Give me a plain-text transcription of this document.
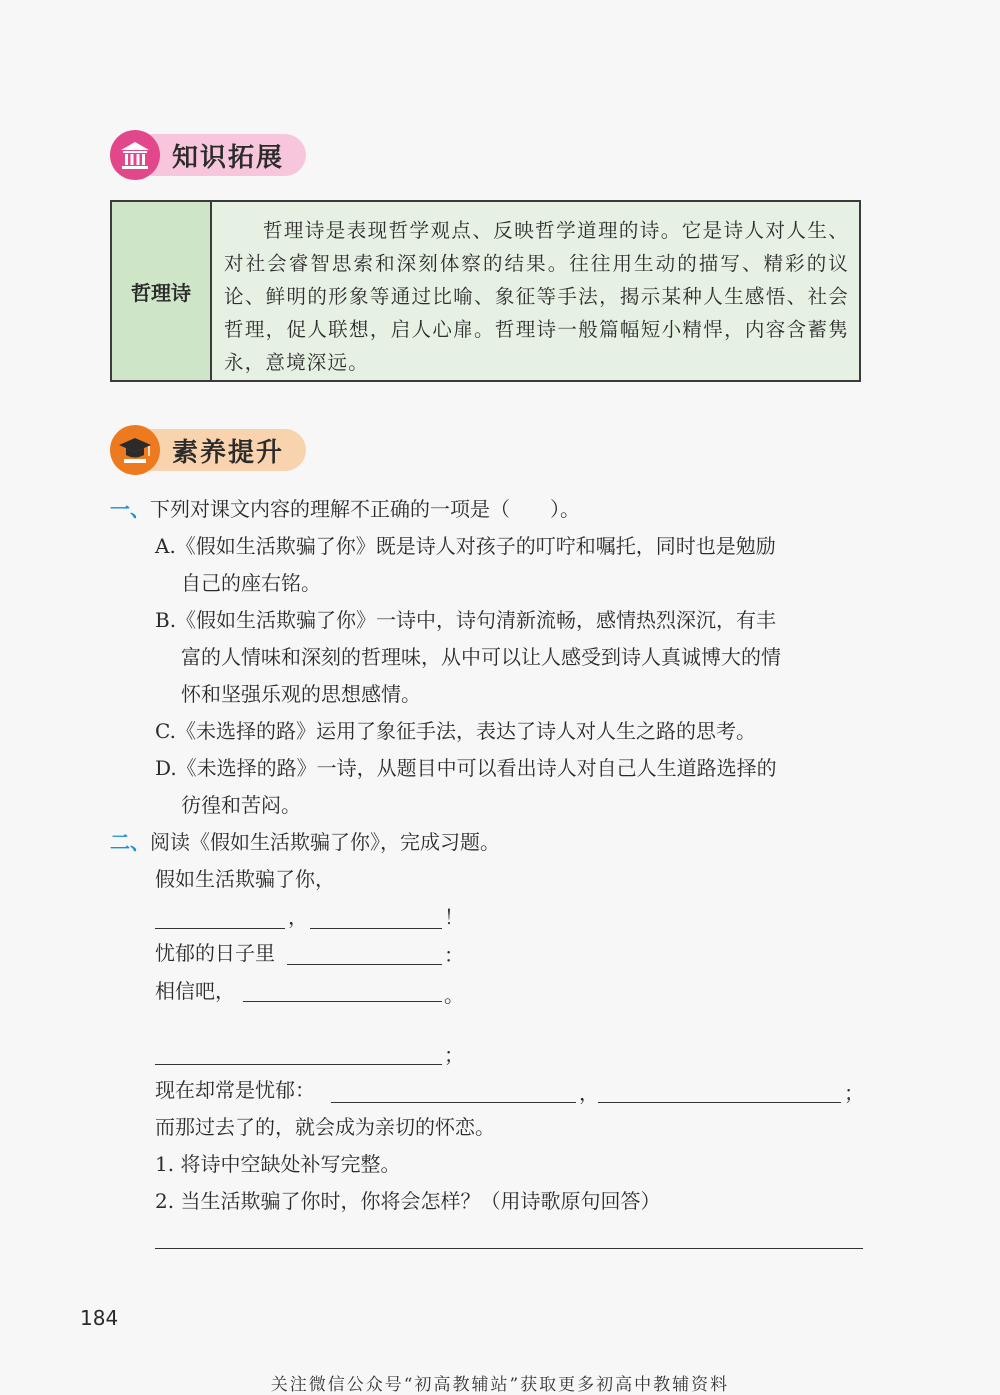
知识拓展
哲理诗
哲理诗是表现哲学观点、反映哲学道理的诗。它是诗人对人生、对社会睿智思索和深刻体察的结果。往往用生动的描写、精彩的议论、鲜明的形象等通过比喻、象征等手法，揭示某种人生感悟、社会哲理，促人联想，启人心扉。哲理诗一般篇幅短小精悍，内容含蓄隽永，意境深远。
素养提升
一、下列对课文内容的理解不正确的一项是（　　）。
A.《假如生活欺骗了你》既是诗人对孩子的叮咛和嘱托，同时也是勉励
自己的座右铭。
B.《假如生活欺骗了你》一诗中，诗句清新流畅，感情热烈深沉，有丰
富的人情味和深刻的哲理味，从中可以让人感受到诗人真诚博大的情
怀和坚强乐观的思想感情。
C.《未选择的路》运用了象征手法，表达了诗人对人生之路的思考。
D.《未选择的路》一诗，从题目中可以看出诗人对自己人生道路选择的
彷徨和苦闷。
二、阅读《假如生活欺骗了你》，完成习题。
假如生活欺骗了你，
，	！
忧郁的日子里	：
相信吧，	。
；
现在却常是忧郁：	，	；
而那过去了的，就会成为亲切的怀恋。
1. 将诗中空缺处补写完整。
2. 当生活欺骗了你时，你将会怎样？（用诗歌原句回答）
184
关注微信公众号“初高教辅站”获取更多初高中教辅资料
